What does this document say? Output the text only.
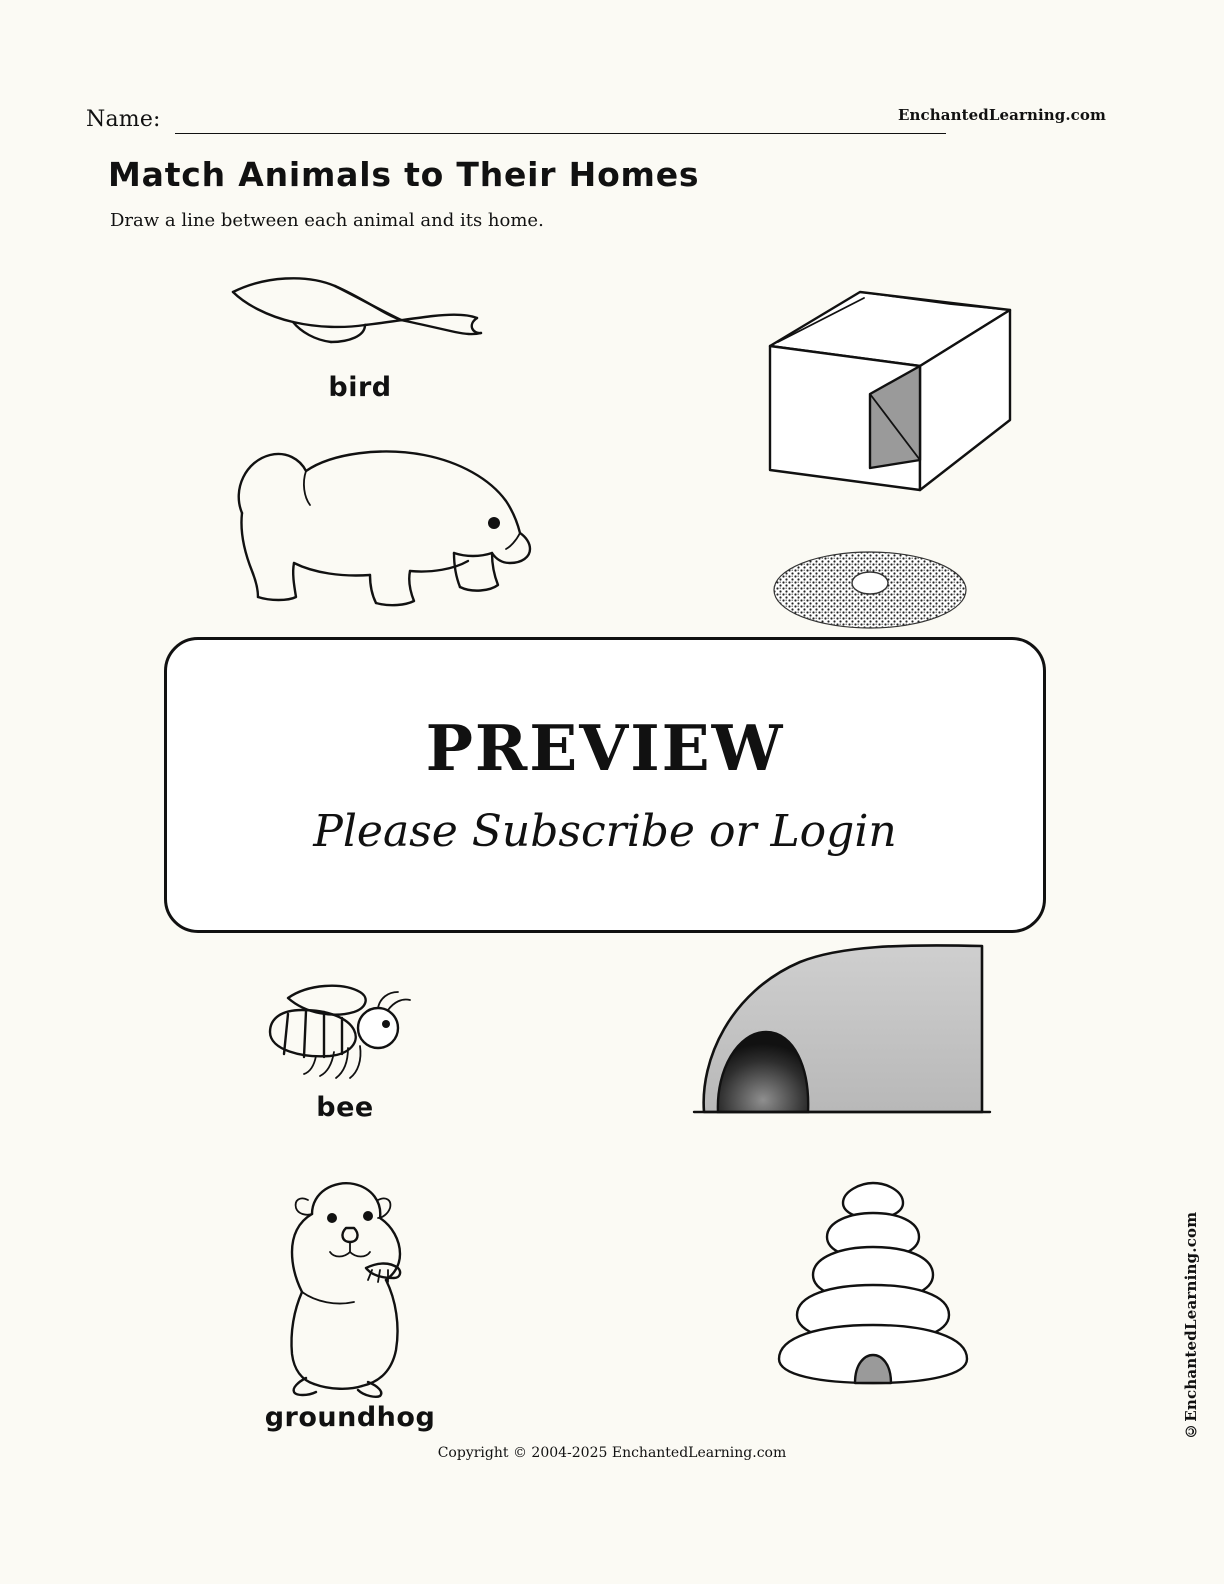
Name:	EnchantedLearning.com
Match Animals to Their Homes
Draw a line between each animal and its home.
bird
bee
groundhog
PREVIEW
Please Subscribe or Login
©EnchantedLearning.com
Copyright © 2004-2025 EnchantedLearning.com
